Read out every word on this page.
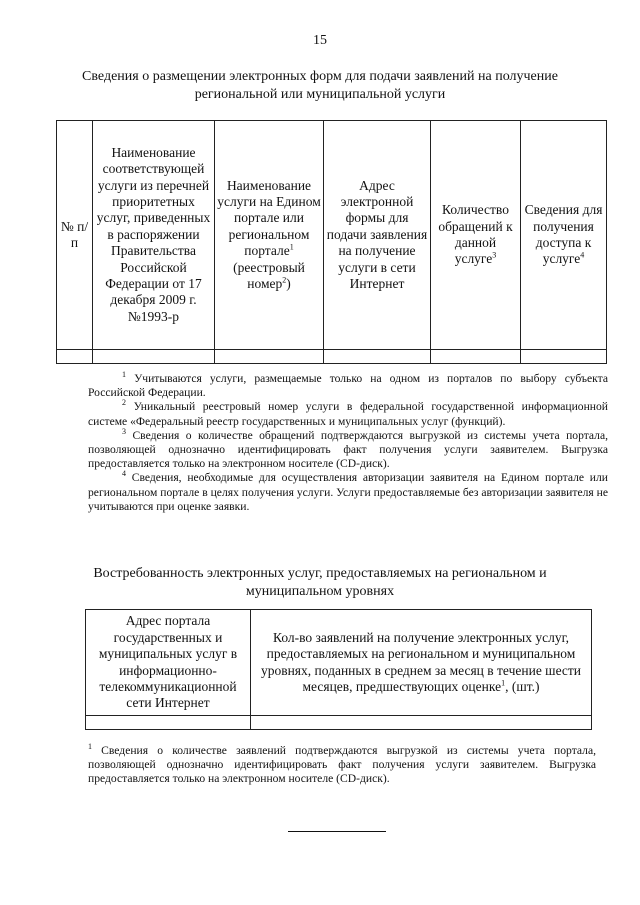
15
Сведения о размещении электронных форм для подачи заявлений на получение региональной или муниципальной услуги
№ п/п	Наименование соответствующей услуги из перечней приоритетных услуг, приведенных в распоряжении Правительства Российской Федерации от 17 декабря 2009 г. №1993-р	Наименование услуги на Едином портале или региональном портале$^1$ (реестровый номер$^2$)	Адрес электронной формы для подачи заявления на получение услуги в сети Интернет	Количество обращений к данной услуге$^3$	Сведения для получения доступа к услуге$^4$

$^1$ Учитываются услуги, размещаемые только на одном из порталов по выбору субъекта Российской Федерации.
$^2$ Уникальный реестровый номер услуги в федеральной государственной информационной системе «Федеральный реестр государственных и муниципальных услуг (функций).
$^3$ Сведения о количестве обращений подтверждаются выгрузкой из системы учета портала, позволяющей однозначно идентифицировать факт получения услуги заявителем. Выгрузка предоставляется только на электронном носителе (CD-диск).
$^4$ Сведения, необходимые для осуществления авторизации заявителя на Едином портале или региональном портале в целях получения услуги. Услуги предоставляемые без авторизации заявителя не учитываются при оценке заявки.
Востребованность электронных услуг, предоставляемых на региональном и муниципальном уровнях
Адрес портала государственных и муниципальных услуг в информационно-телекоммуникационной сети Интернет	Кол-во заявлений на получение электронных услуг, предоставляемых на региональном и муниципальном уровнях, поданных в среднем за месяц в течение шести месяцев, предшествующих оценке$^1$, (шт.)

$^1$ Сведения о количестве заявлений подтверждаются выгрузкой из системы учета портала, позволяющей однозначно идентифицировать факт получения услуги заявителем. Выгрузка предоставляется только на электронном носителе (CD-диск).
